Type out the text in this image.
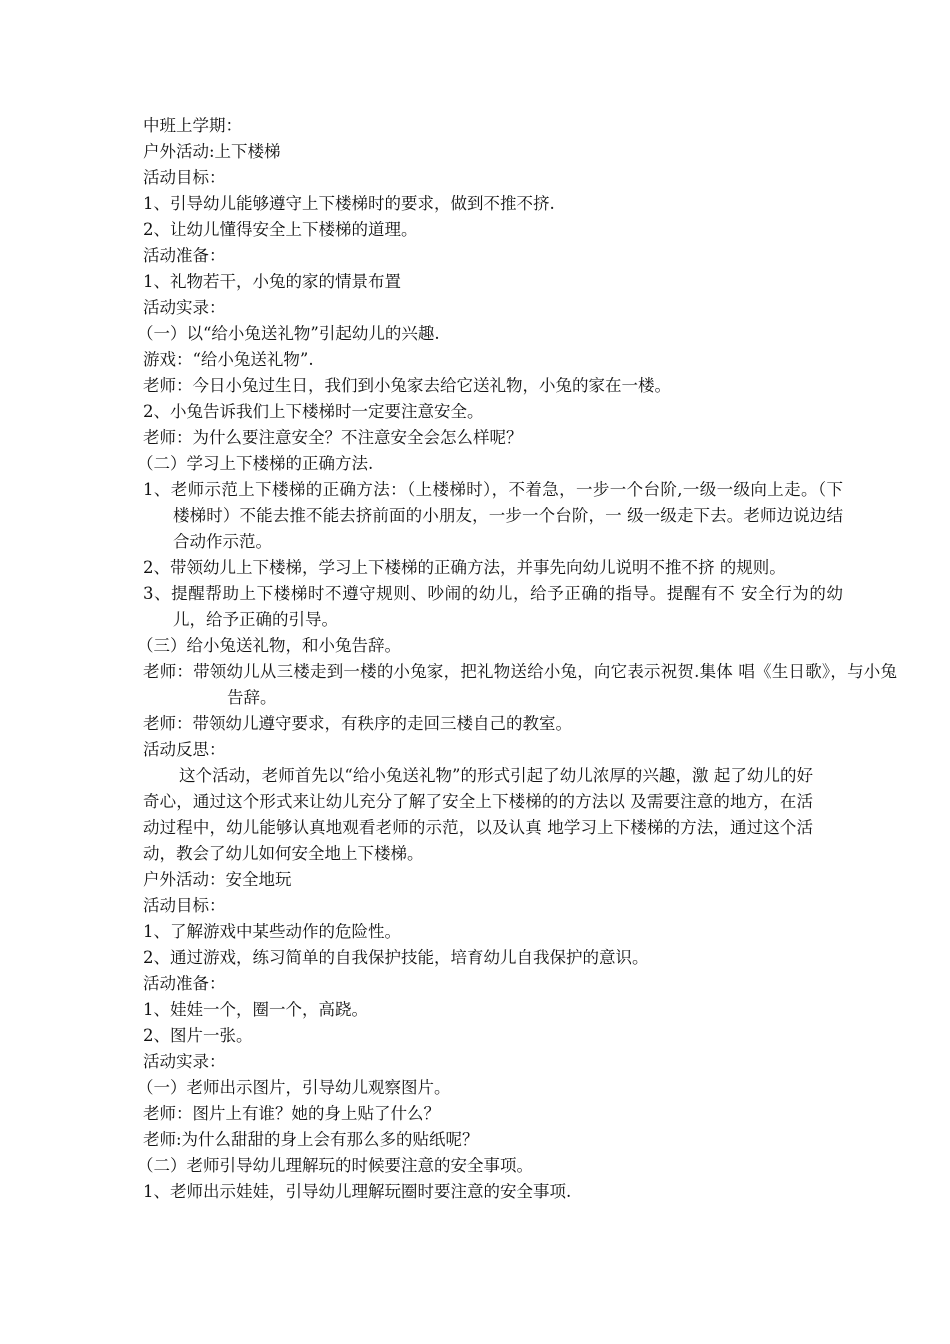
中班上学期：
户外活动:上下楼梯
活动目标：
1、引导幼儿能够遵守上下楼梯时的要求，做到不推不挤.
2、让幼儿懂得安全上下楼梯的道理。
活动准备：
1、礼物若干，小兔的家的情景布置
活动实录：
（一）以“给小兔送礼物”引起幼儿的兴趣.
游戏：“给小兔送礼物”.
老师：今日小兔过生日，我们到小兔家去给它送礼物，小兔的家在一楼。
2、小兔告诉我们上下楼梯时一定要注意安全。
老师：为什么要注意安全？不注意安全会怎么样呢？
（二）学习上下楼梯的正确方法.
1、老师示范上下楼梯的正确方法：（上楼梯时），不着急，一步一个台阶,一级一级向上走。（下楼梯时）不能去推不能去挤前面的小朋友，一步一个台阶，一 级一级走下去。老师边说边结合动作示范。
2、带领幼儿上下楼梯，学习上下楼梯的正确方法，并事先向幼儿说明不推不挤 的规则。
3、提醒帮助上下楼梯时不遵守规则、吵闹的幼儿，给予正确的指导。提醒有不 安全行为的幼儿，给予正确的引导。
（三）给小兔送礼物，和小兔告辞。
老师：带领幼儿从三楼走到一楼的小兔家，把礼物送给小兔，向它表示祝贺.集体 唱《生日歌》，与小兔告辞。
老师：带领幼儿遵守要求，有秩序的走回三楼自己的教室。
活动反思：
这个活动，老师首先以“给小兔送礼物”的形式引起了幼儿浓厚的兴趣，激 起了幼儿的好奇心，通过这个形式来让幼儿充分了解了安全上下楼梯的的方法以 及需要注意的地方，在活动过程中，幼儿能够认真地观看老师的示范，以及认真 地学习上下楼梯的方法，通过这个活动，教会了幼儿如何安全地上下楼梯。
户外活动：安全地玩
活动目标：
1、了解游戏中某些动作的危险性。
2、通过游戏，练习简单的自我保护技能，培育幼儿自我保护的意识。
活动准备：
1、娃娃一个，圈一个，高跷。
2、图片一张。
活动实录：
（一）老师出示图片，引导幼儿观察图片。
老师：图片上有谁？她的身上贴了什么？
老师:为什么甜甜的身上会有那么多的贴纸呢？
（二）老师引导幼儿理解玩的时候要注意的安全事项。
1、老师出示娃娃，引导幼儿理解玩圈时要注意的安全事项.
